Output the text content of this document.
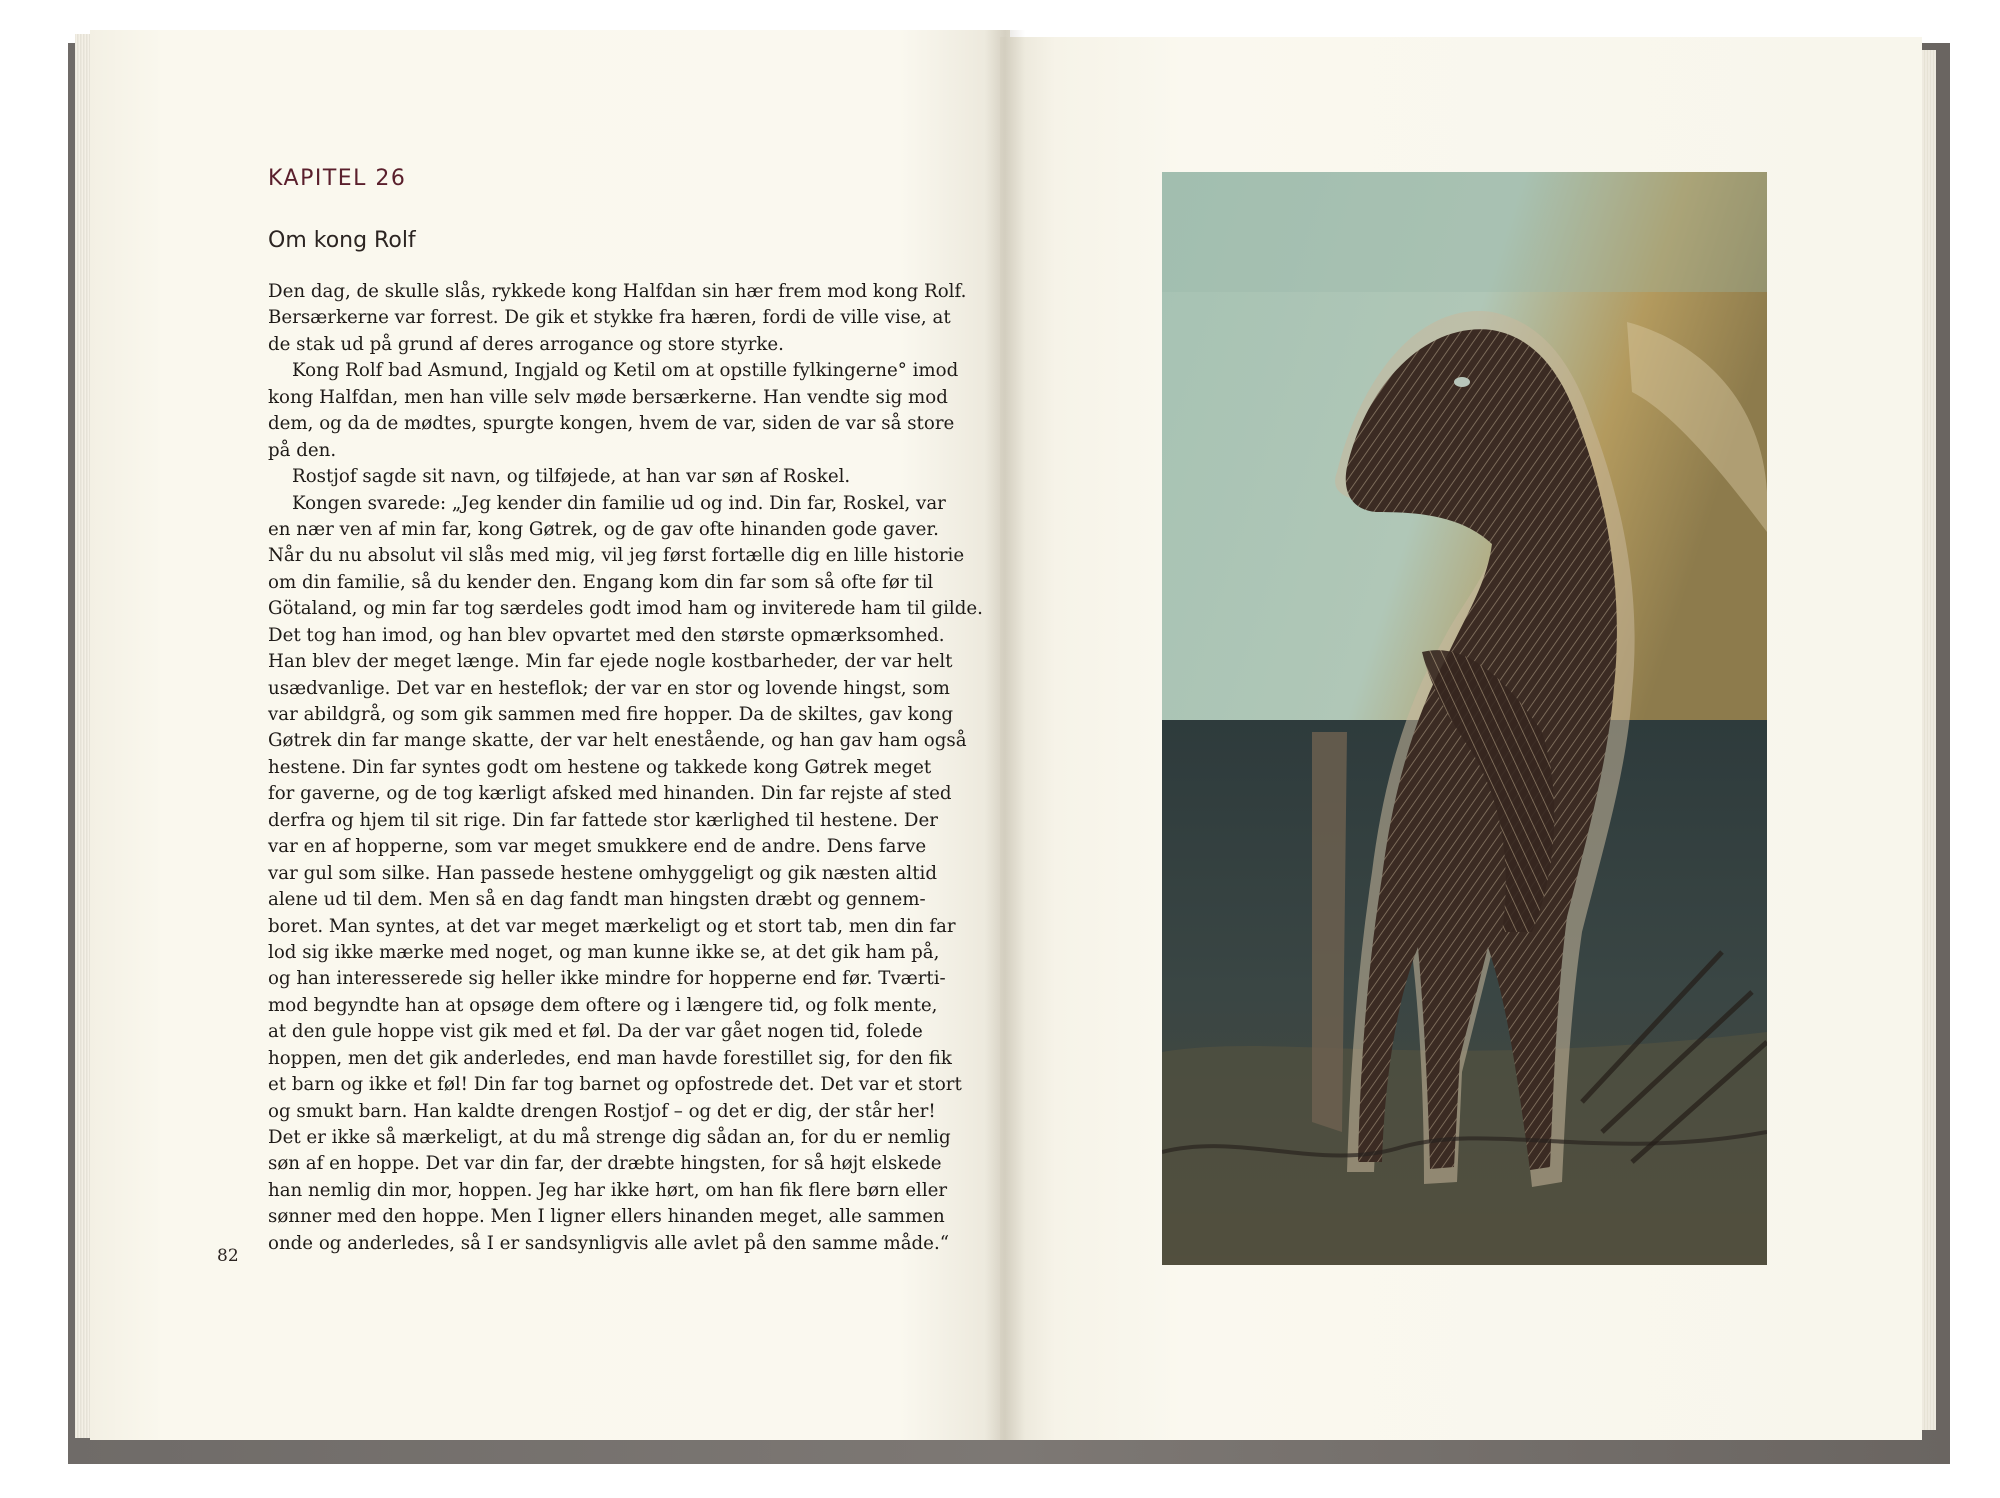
KAPITEL 26
Om kong Rolf
Den dag, de skulle slås, rykkede kong Halfdan sin hær frem mod kong Rolf.
Bersærkerne var forrest. De gik et stykke fra hæren, fordi de ville vise, at
de stak ud på grund af deres arrogance og store styrke.
Kong Rolf bad Asmund, Ingjald og Ketil om at opstille fylkingerne° imod
kong Halfdan, men han ville selv møde bersærkerne. Han vendte sig mod
dem, og da de mødtes, spurgte kongen, hvem de var, siden de var så store
på den.
Rostjof sagde sit navn, og tilføjede, at han var søn af Roskel.
Kongen svarede: „Jeg kender din familie ud og ind. Din far, Roskel, var
en nær ven af min far, kong Gøtrek, og de gav ofte hinanden gode gaver.
Når du nu absolut vil slås med mig, vil jeg først fortælle dig en lille historie
om din familie, så du kender den. Engang kom din far som så ofte før til
Götaland, og min far tog særdeles godt imod ham og inviterede ham til gilde.
Det tog han imod, og han blev opvartet med den største opmærksomhed.
Han blev der meget længe. Min far ejede nogle kostbarheder, der var helt
usædvanlige. Det var en hesteflok; der var en stor og lovende hingst, som
var abildgrå, og som gik sammen med fire hopper. Da de skiltes, gav kong
Gøtrek din far mange skatte, der var helt enestående, og han gav ham også
hestene. Din far syntes godt om hestene og takkede kong Gøtrek meget
for gaverne, og de tog kærligt afsked med hinanden. Din far rejste af sted
derfra og hjem til sit rige. Din far fattede stor kærlighed til hestene. Der
var en af hopperne, som var meget smukkere end de andre. Dens farve
var gul som silke. Han passede hestene omhyggeligt og gik næsten altid
alene ud til dem. Men så en dag fandt man hingsten dræbt og gennem-
boret. Man syntes, at det var meget mærkeligt og et stort tab, men din far
lod sig ikke mærke med noget, og man kunne ikke se, at det gik ham på,
og han interesserede sig heller ikke mindre for hopperne end før. Tværti-
mod begyndte han at opsøge dem oftere og i længere tid, og folk mente,
at den gule hoppe vist gik med et føl. Da der var gået nogen tid, folede
hoppen, men det gik anderledes, end man havde forestillet sig, for den fik
et barn og ikke et føl! Din far tog barnet og opfostrede det. Det var et stort
og smukt barn. Han kaldte drengen Rostjof – og det er dig, der står her!
Det er ikke så mærkeligt, at du må strenge dig sådan an, for du er nemlig
søn af en hoppe. Det var din far, der dræbte hingsten, for så højt elskede
han nemlig din mor, hoppen. Jeg har ikke hørt, om han fik flere børn eller
sønner med den hoppe. Men I ligner ellers hinanden meget, alle sammen
onde og anderledes, så I er sandsynligvis alle avlet på den samme måde.“
82
